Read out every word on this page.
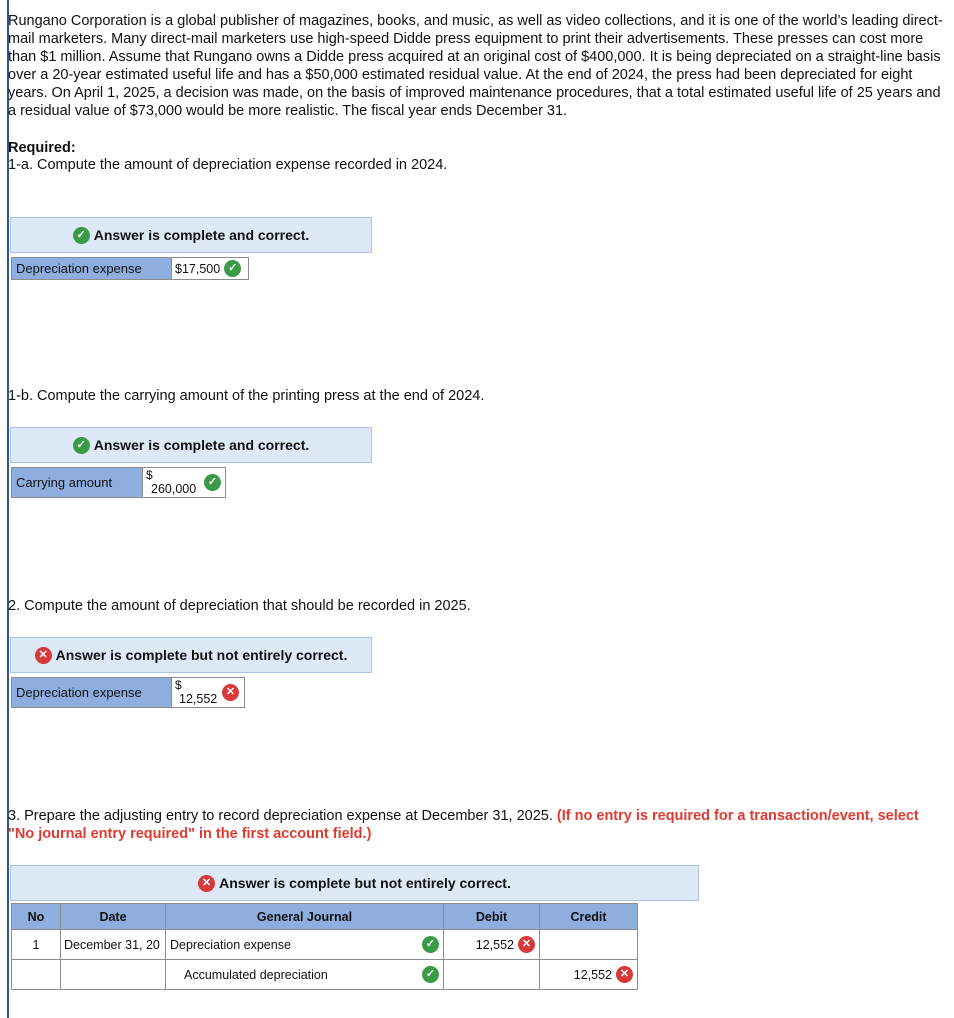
Rungano Corporation is a global publisher of magazines, books, and music, as well as video collections, and it is one of the world’s leading direct-mail marketers. Many direct-mail marketers use high-speed Didde press equipment to print their advertisements. These presses can cost more than $1 million. Assume that Rungano owns a Didde press acquired at an original cost of $400,000. It is being depreciated on a straight-line basis over a 20-year estimated useful life and has a $50,000 estimated residual value. At the end of 2024, the press had been depreciated for eight years. On April 1, 2025, a decision was made, on the basis of improved maintenance procedures, that a total estimated useful life of 25 years and a residual value of $73,000 would be more realistic. The fiscal year ends December 31.

Required:
1-a. Compute the amount of depreciation expense recorded in 2024.
✓ Answer is complete and correct.
Depreciation expense	$17,500 ✓
1-b. Compute the carrying amount of the printing press at the end of 2024.
✓ Answer is complete and correct.
Carrying amount	$
260,000	✓
2. Compute the amount of depreciation that should be recorded in 2025.
✕ Answer is complete but not entirely correct.
Depreciation expense	$
12,552 ✕
3. Prepare the adjusting entry to record depreciation expense at December 31, 2025. (If no entry is required for a transaction/event, select "No journal entry required" in the first account field.)
✕ Answer is complete but not entirely correct.
No	Date	General Journal	Debit	Credit
1	December 31, 20	Depreciation expense ✓	12,552 ✕	

		Accumulated depreciation ✓		12,552 ✕
